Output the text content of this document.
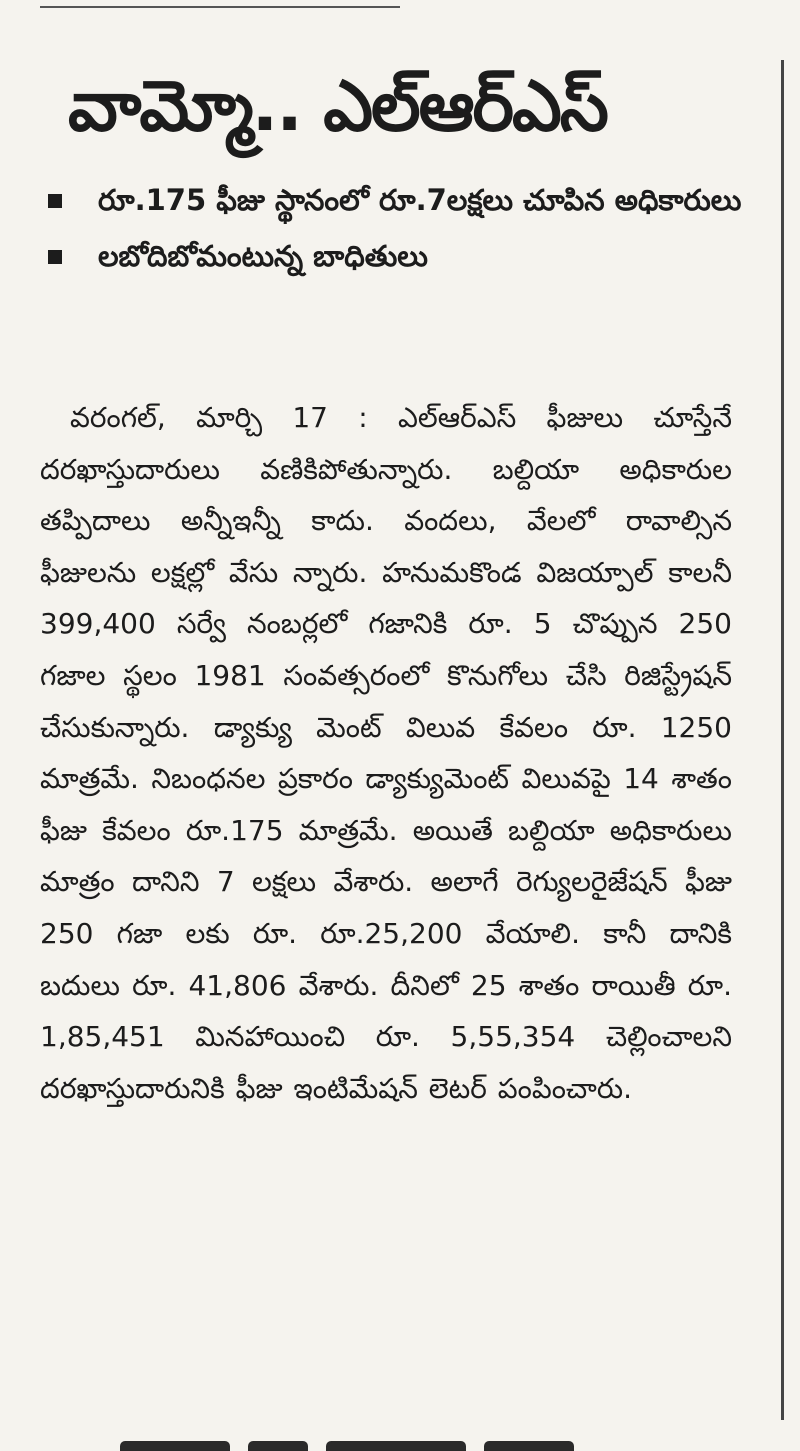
వామ్మో.. ఎల్ఆర్ఎస్
రూ.175 ఫీజు స్థానంలో రూ.7లక్షలు చూపిన అధికారులు
లబోదిబోమంటున్న బాధితులు

వరంగల్, మార్చి 17 : ఎల్ఆర్ఎస్ ఫీజులు చూస్తేనే దరఖాస్తుదారులు వణికిపోతున్నారు. బల్దియా అధికారుల తప్పిదాలు అన్నీఇన్నీ కాదు. వందలు, వేలలో రావాల్సిన ఫీజులను లక్షల్లో వేసు న్నారు. హనుమకొండ విజయ్పాల్ కాలనీ 399,400 సర్వే నంబర్లలో గజానికి రూ. 5 చొప్పున 250 గజాల స్థలం 1981 సంవత్సరంలో కొనుగోలు చేసి రిజిస్ట్రేషన్ చేసుకున్నారు. డ్యాక్యు మెంట్ విలువ కేవలం రూ. 1250 మాత్రమే. నిబంధనల ప్రకారం డ్యాక్యుమెంట్ విలువపై 14 శాతం ఫీజు కేవలం రూ.175 మాత్రమే. అయితే బల్దియా అధికారులు మాత్రం దానిని 7 లక్షలు వేశారు. అలాగే రెగ్యులరైజేషన్ ఫీజు 250 గజా లకు రూ. రూ.25,200 వేయాలి. కానీ దానికి బదులు రూ. 41,806 వేశారు. దీనిలో 25 శాతం రాయితీ రూ. 1,85,451 మినహాయించి రూ. 5,55,354 చెల్లించాలని దరఖాస్తుదారునికి ఫీజు ఇంటిమేషన్ లెటర్ పంపించారు.
